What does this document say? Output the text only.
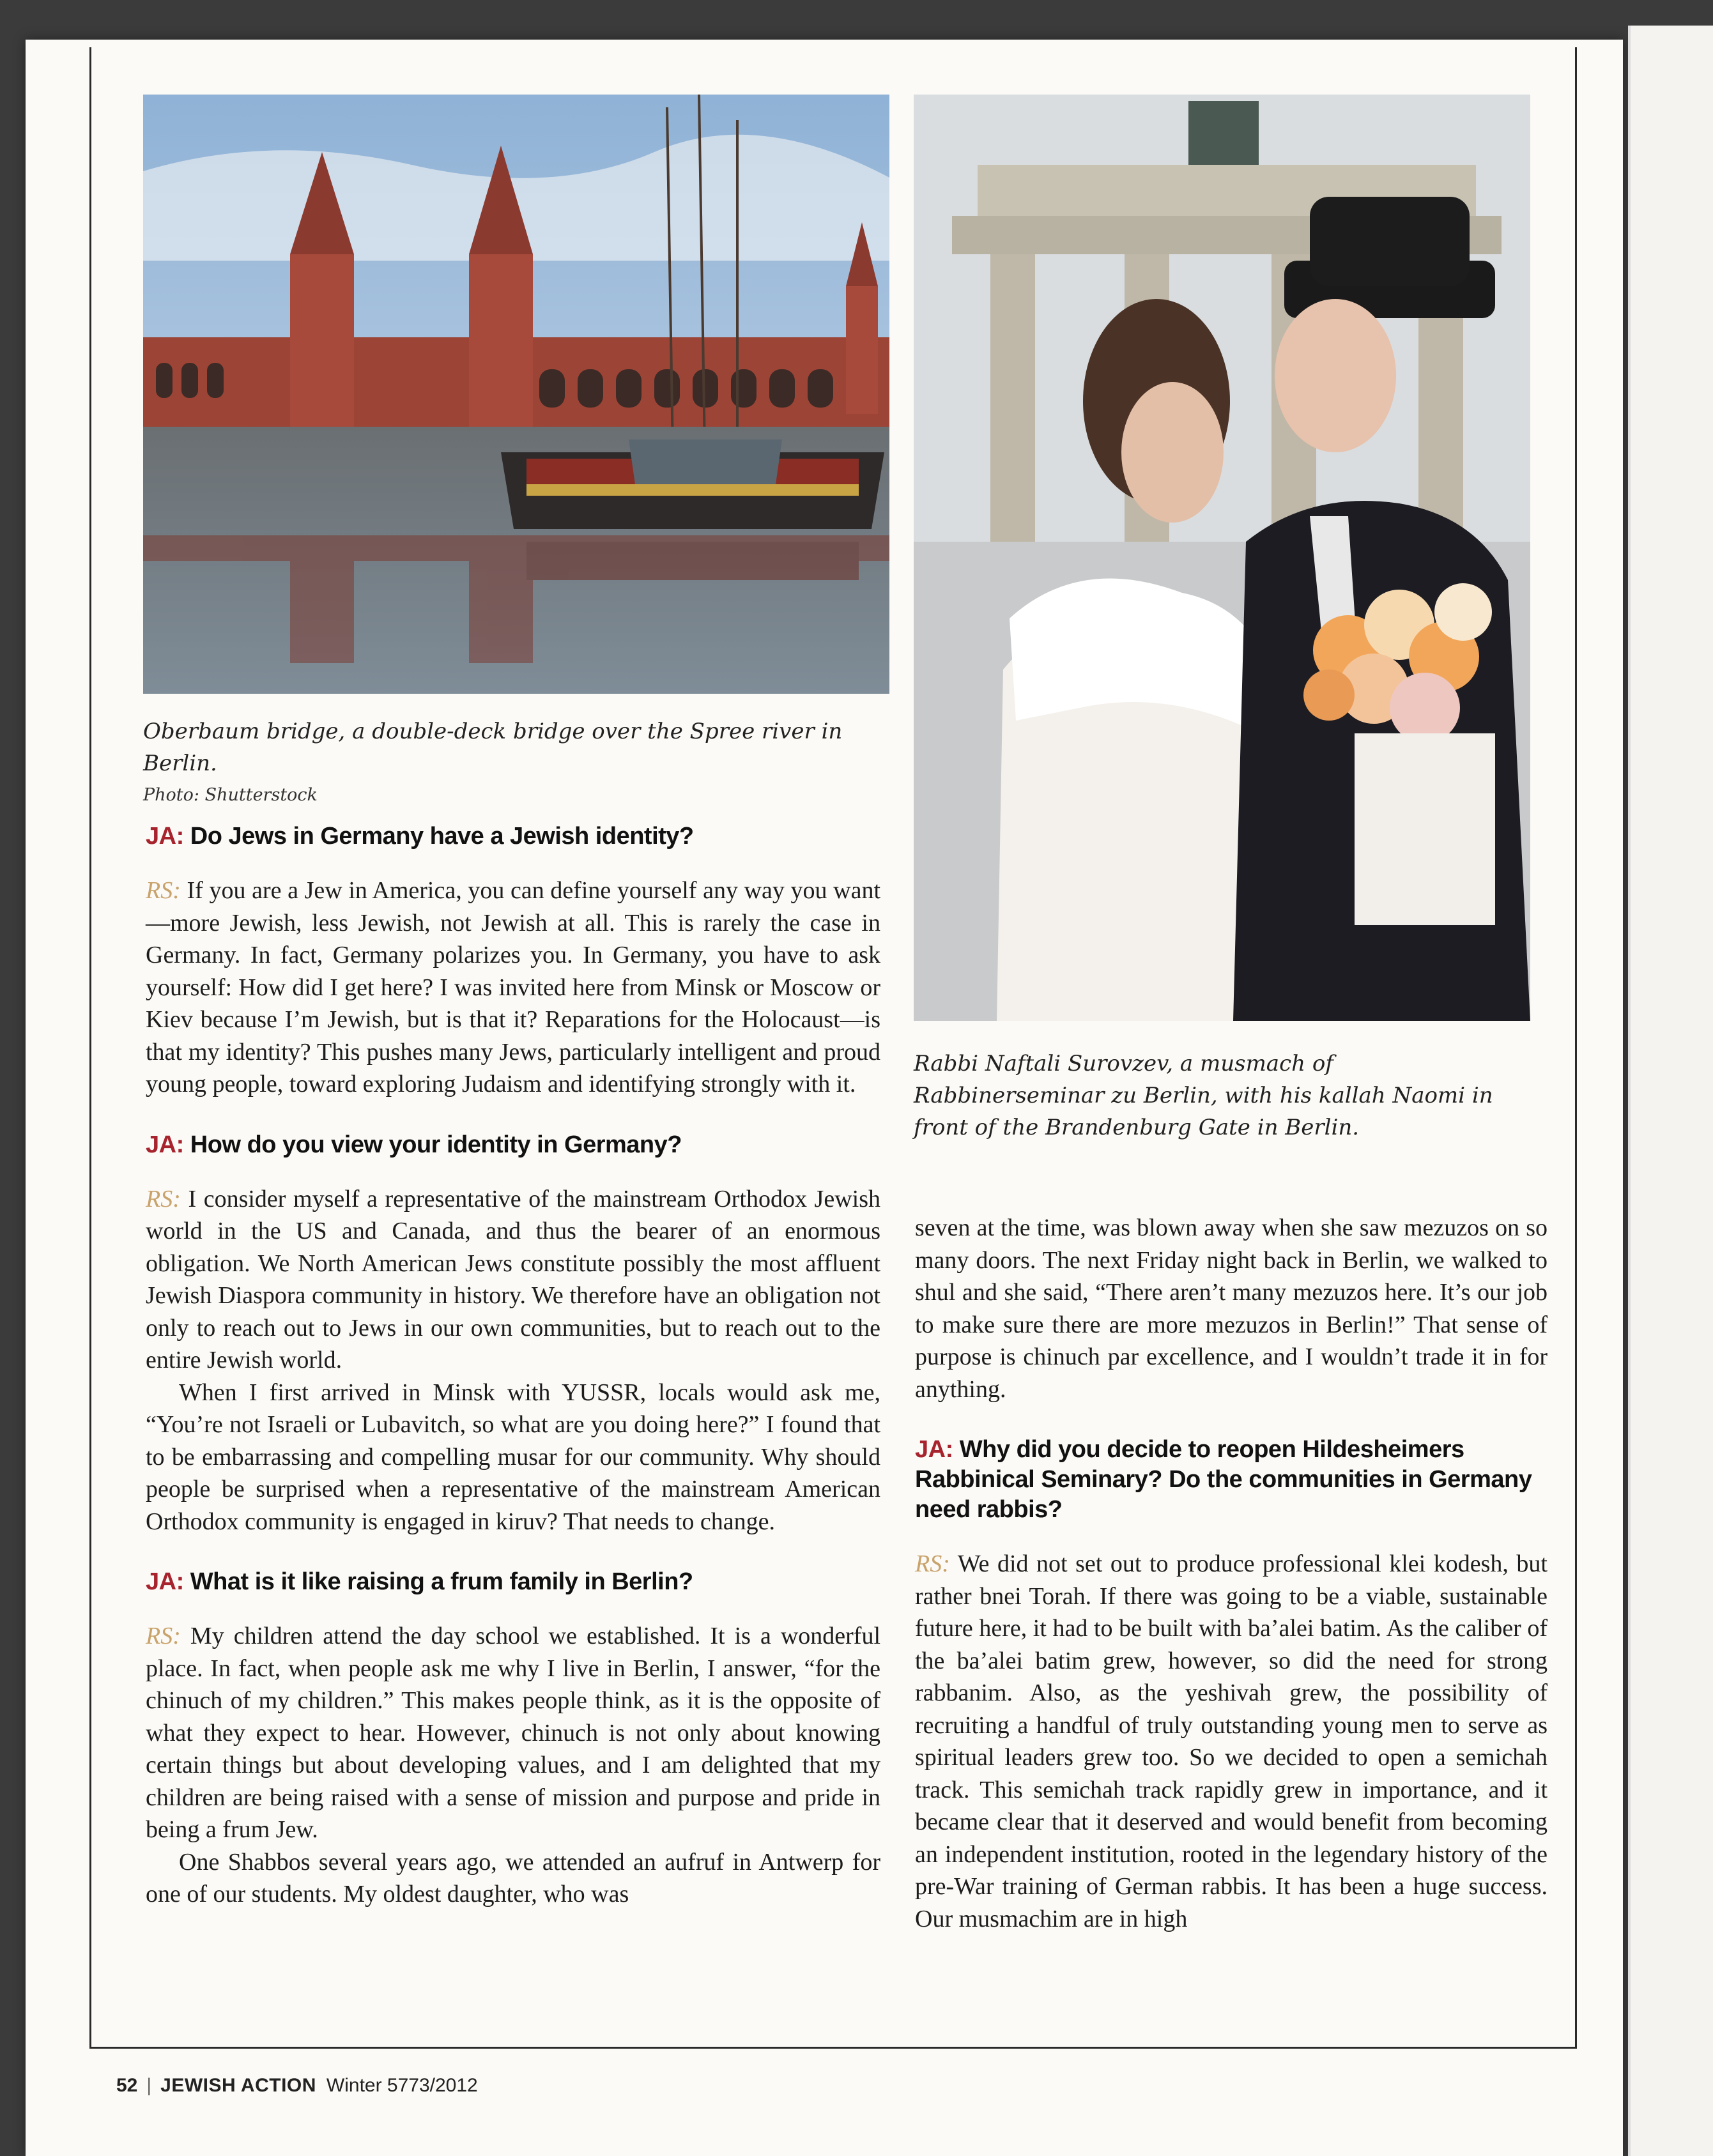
Oberbaum bridge, a double-deck bridge over the Spree river in Berlin.
Photo: Shutterstock
Rabbi Naftali Surovzev, a musmach of Rabbinerseminar zu Berlin, with his kallah Naomi in front of the Brandenburg Gate in Berlin.
JA: Do Jews in Germany have a Jewish identity?

RS: If you are a Jew in America, you can define yourself any way you want—more Jewish, less Jewish, not Jewish at all. This is rarely the case in Germany. In fact, Germany polarizes you. In Germany, you have to ask yourself: How did I get here? I was invited here from Minsk or Moscow or Kiev because I’m Jewish, but is that it? Reparations for the Holocaust—is that my identity? This pushes many Jews, particularly intelligent and proud young people, toward exploring Judaism and identifying strongly with it.

JA: How do you view your identity in Germany?

RS: I consider myself a representative of the mainstream Orthodox Jewish world in the US and Canada, and thus the bearer of an enormous obligation. We North American Jews constitute possibly the most affluent Jewish Diaspora community in history. We therefore have an obligation not only to reach out to Jews in our own communities, but to reach out to the entire Jewish world.

When I first arrived in Minsk with YUSSR, locals would ask me, “You’re not Israeli or Lubavitch, so what are you doing here?” I found that to be embarrassing and compelling musar for our community. Why should people be surprised when a representative of the mainstream American Orthodox community is engaged in kiruv? That needs to change.

JA: What is it like raising a frum family in Berlin?

RS: My children attend the day school we established. It is a wonderful place. In fact, when people ask me why I live in Berlin, I answer, “for the chinuch of my children.” This makes people think, as it is the opposite of what they expect to hear. However, chinuch is not only about knowing certain things but about developing values, and I am delighted that my children are being raised with a sense of mission and purpose and pride in being a frum Jew.

One Shabbos several years ago, we attended an aufruf in Antwerp for one of our students. My oldest daughter, who was

seven at the time, was blown away when she saw mezuzos on so many doors. The next Friday night back in Berlin, we walked to shul and she said, “There aren’t many mezuzos here. It’s our job to make sure there are more mezuzos in Berlin!” That sense of purpose is chinuch par excellence, and I wouldn’t trade it in for anything.

JA: Why did you decide to reopen Hildesheimers Rabbinical Seminary? Do the communities in Germany need rabbis?

RS: We did not set out to produce professional klei kodesh, but rather bnei Torah. If there was going to be a viable, sustainable future here, it had to be built with ba’alei batim. As the caliber of the ba’alei batim grew, however, so did the need for strong rabbanim. Also, as the yeshivah grew, the possibility of recruiting a handful of truly outstanding young men to serve as spiritual leaders grew too. So we decided to open a semichah track. This semichah track rapidly grew in importance, and it became clear that it deserved and would benefit from becoming an independent institution, rooted in the legendary history of the pre-War training of German rabbis. It has been a huge success. Our musmachim are in high

52 | JEWISH ACTION Winter 5773/2012
